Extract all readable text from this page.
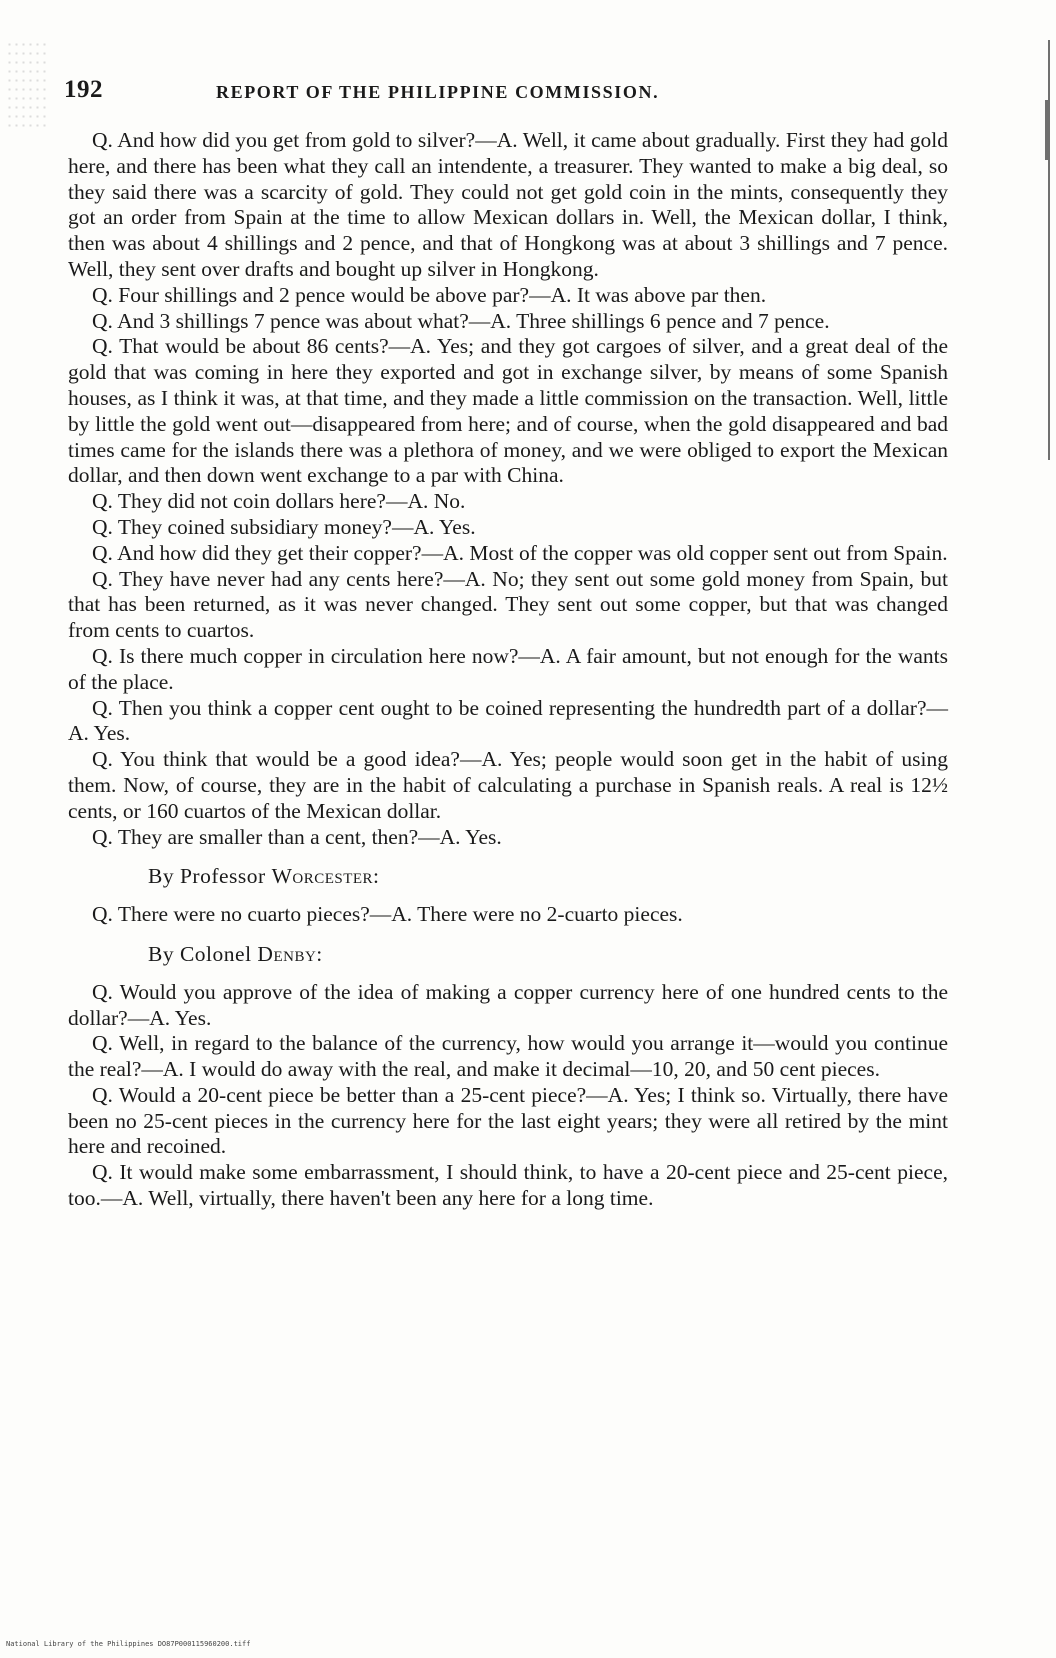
192	REPORT OF THE PHILIPPINE COMMISSION.

Q. And how did you get from gold to silver?—A. Well, it came about gradually. First they had gold here, and there has been what they call an intendente, a treasurer. They wanted to make a big deal, so they said there was a scarcity of gold. They could not get gold coin in the mints, consequently they got an order from Spain at the time to allow Mexican dollars in. Well, the Mexican dollar, I think, then was about 4 shillings and 2 pence, and that of Hongkong was at about 3 shillings and 7 pence. Well, they sent over drafts and bought up silver in Hongkong.

Q. Four shillings and 2 pence would be above par?—A. It was above par then.

Q. And 3 shillings 7 pence was about what?—A. Three shillings 6 pence and 7 pence.

Q. That would be about 86 cents?—A. Yes; and they got cargoes of silver, and a great deal of the gold that was coming in here they exported and got in exchange silver, by means of some Spanish houses, as I think it was, at that time, and they made a little commission on the transaction. Well, little by little the gold went out—disappeared from here; and of course, when the gold disappeared and bad times came for the islands there was a plethora of money, and we were obliged to export the Mexican dollar, and then down went exchange to a par with China.

Q. They did not coin dollars here?—A. No.

Q. They coined subsidiary money?—A. Yes.

Q. And how did they get their copper?—A. Most of the copper was old copper sent out from Spain.

Q. They have never had any cents here?—A. No; they sent out some gold money from Spain, but that has been returned, as it was never changed. They sent out some copper, but that was changed from cents to cuartos.

Q. Is there much copper in circulation here now?—A. A fair amount, but not enough for the wants of the place.

Q. Then you think a copper cent ought to be coined representing the hundredth part of a dollar?—A. Yes.

Q. You think that would be a good idea?—A. Yes; people would soon get in the habit of using them. Now, of course, they are in the habit of calculating a purchase in Spanish reals. A real is 12½ cents, or 160 cuartos of the Mexican dollar.

Q. They are smaller than a cent, then?—A. Yes.

By Professor Worcester:

Q. There were no cuarto pieces?—A. There were no 2-cuarto pieces.

By Colonel Denby:

Q. Would you approve of the idea of making a copper currency here of one hundred cents to the dollar?—A. Yes.

Q. Well, in regard to the balance of the currency, how would you arrange it—would you continue the real?—A. I would do away with the real, and make it decimal—10, 20, and 50 cent pieces.

Q. Would a 20-cent piece be better than a 25-cent piece?—A. Yes; I think so. Virtually, there have been no 25-cent pieces in the currency here for the last eight years; they were all retired by the mint here and recoined.

Q. It would make some embarrassment, I should think, to have a 20-cent piece and 25-cent piece, too.—A. Well, virtually, there haven't been any here for a long time.

National Library of the Philippines DO87P000115960200.tiff
